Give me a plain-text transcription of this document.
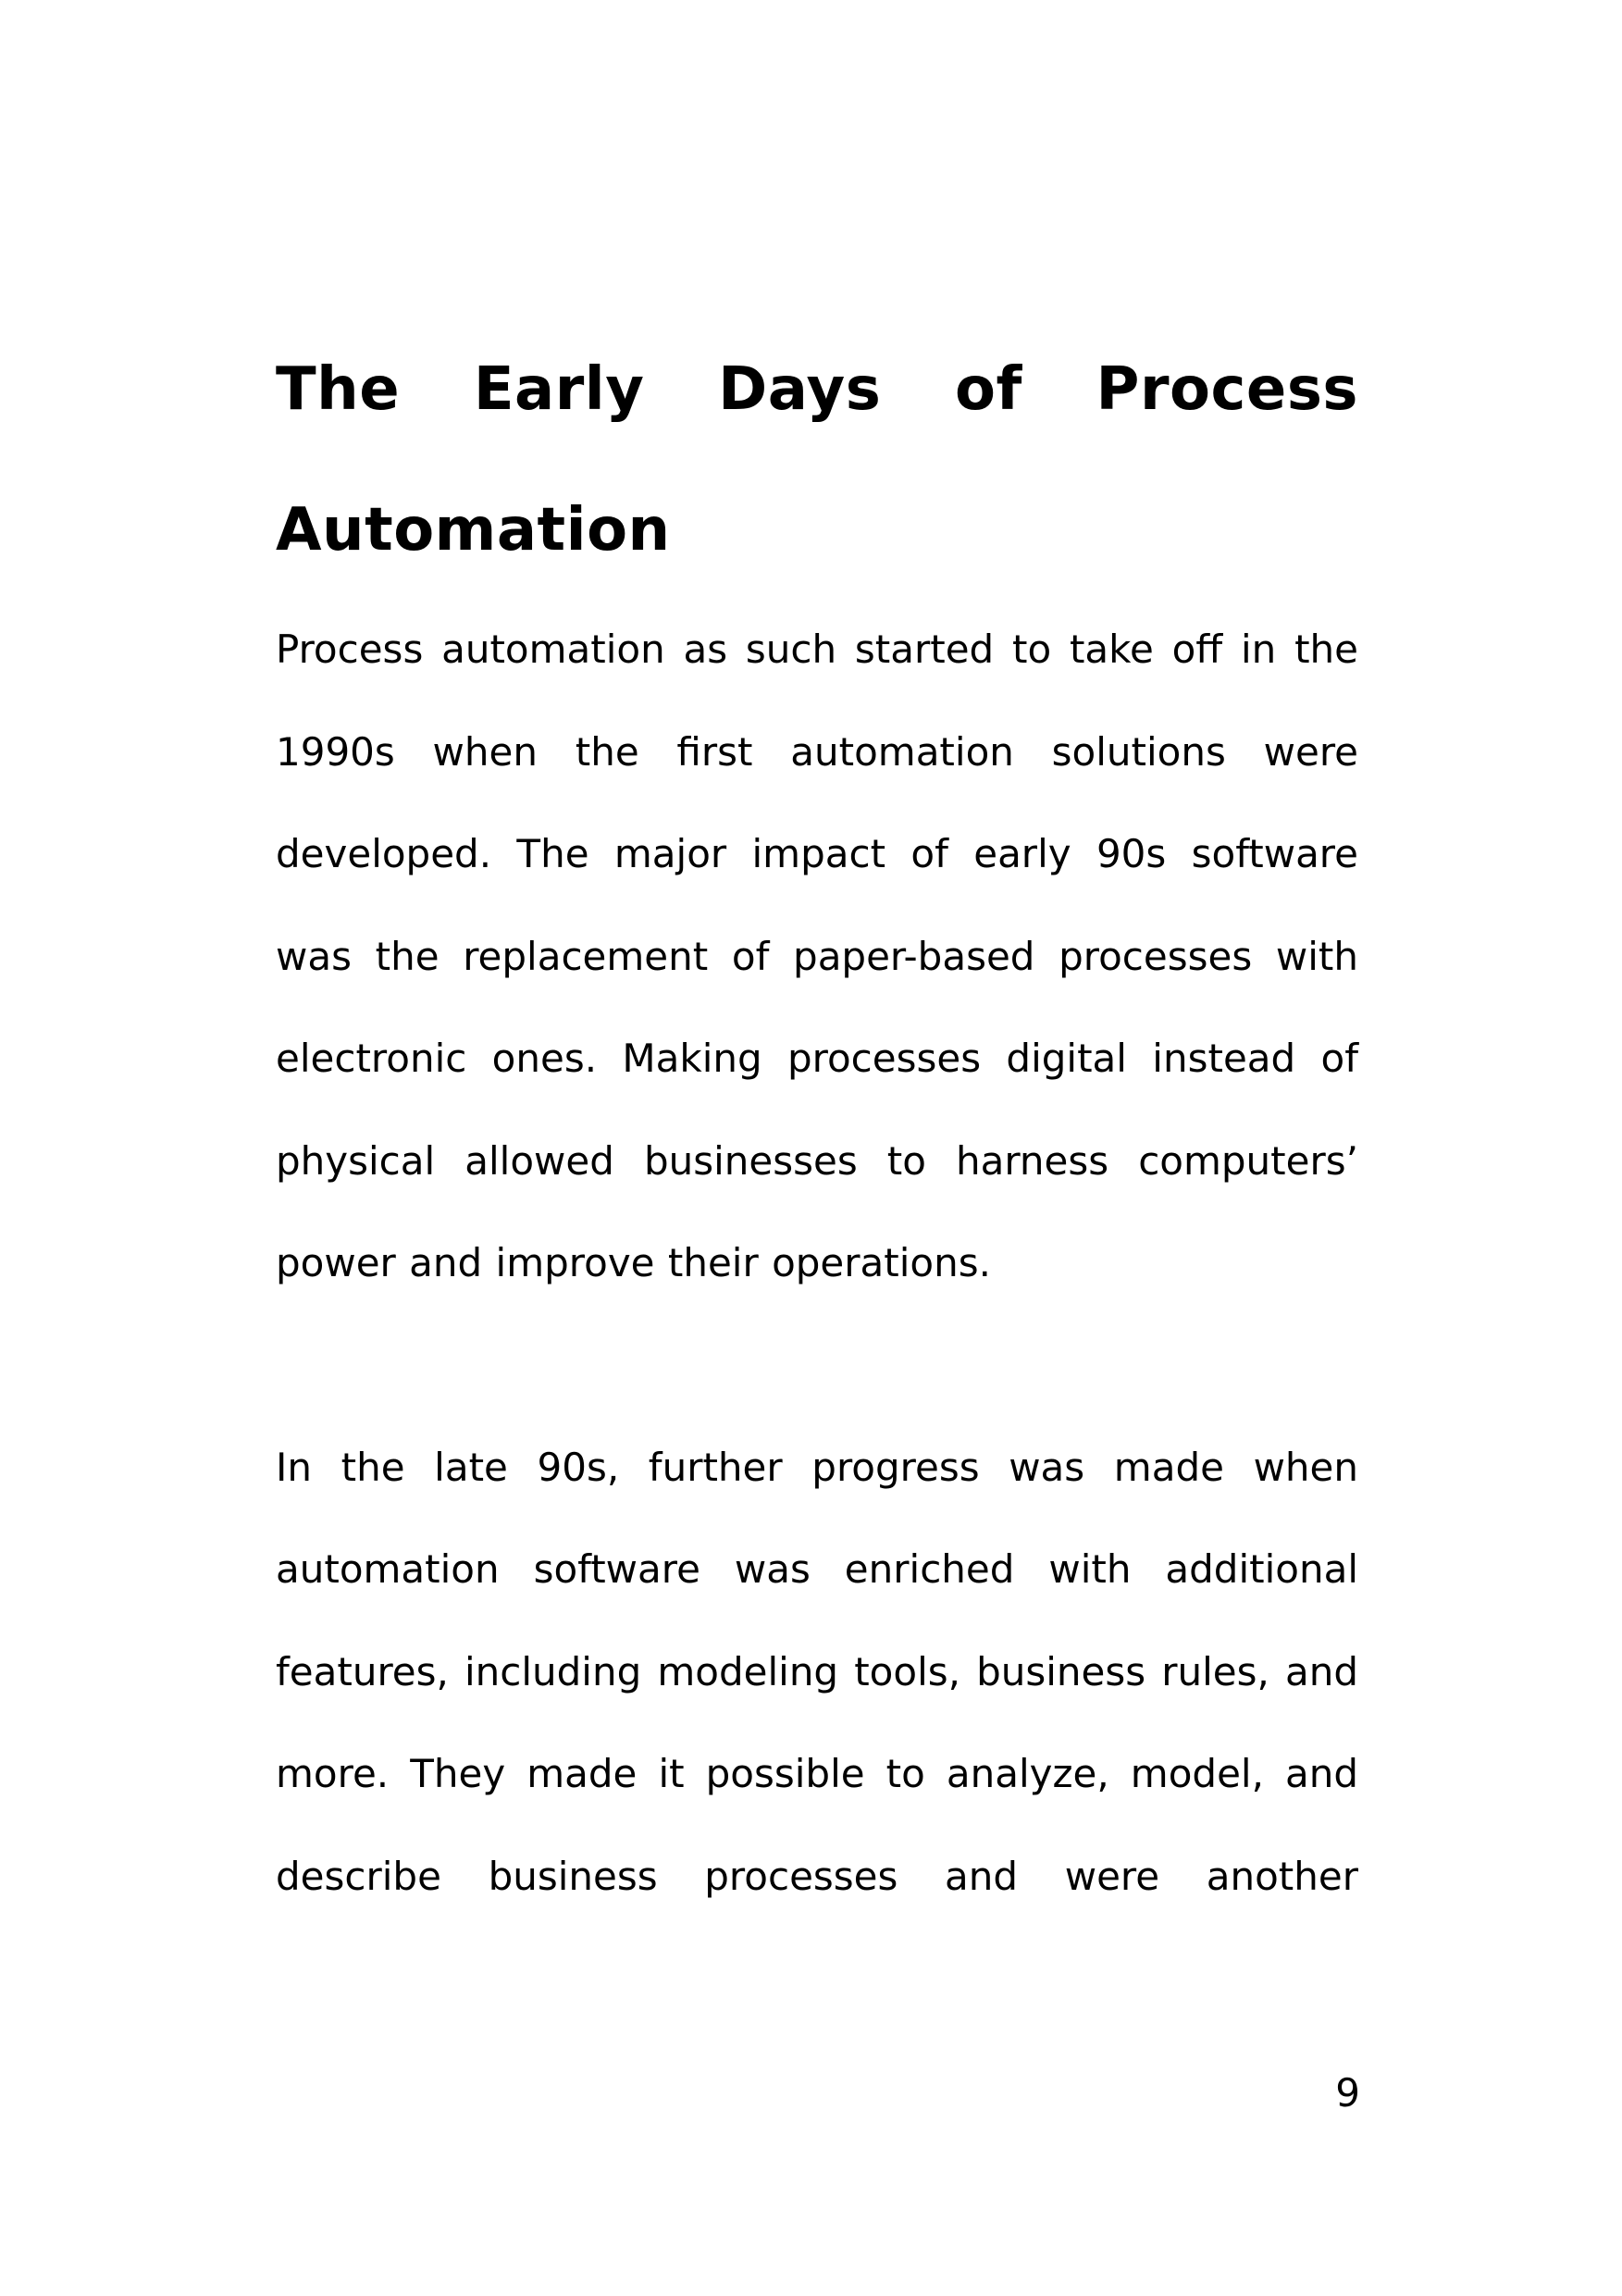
The Early Days of Process Automation

Process automation as such started to take off in the 1990s when the first automation solutions were developed. The major impact of early 90s software was the replacement of paper-based processes with electronic ones. Making processes digital instead of physical allowed businesses to harness computers’ power and improve their operations.

In the late 90s, further progress was made when automation software was enriched with additional features, including modeling tools, business rules, and more. They made it possible to analyze, model, and describe business processes and were another

9
